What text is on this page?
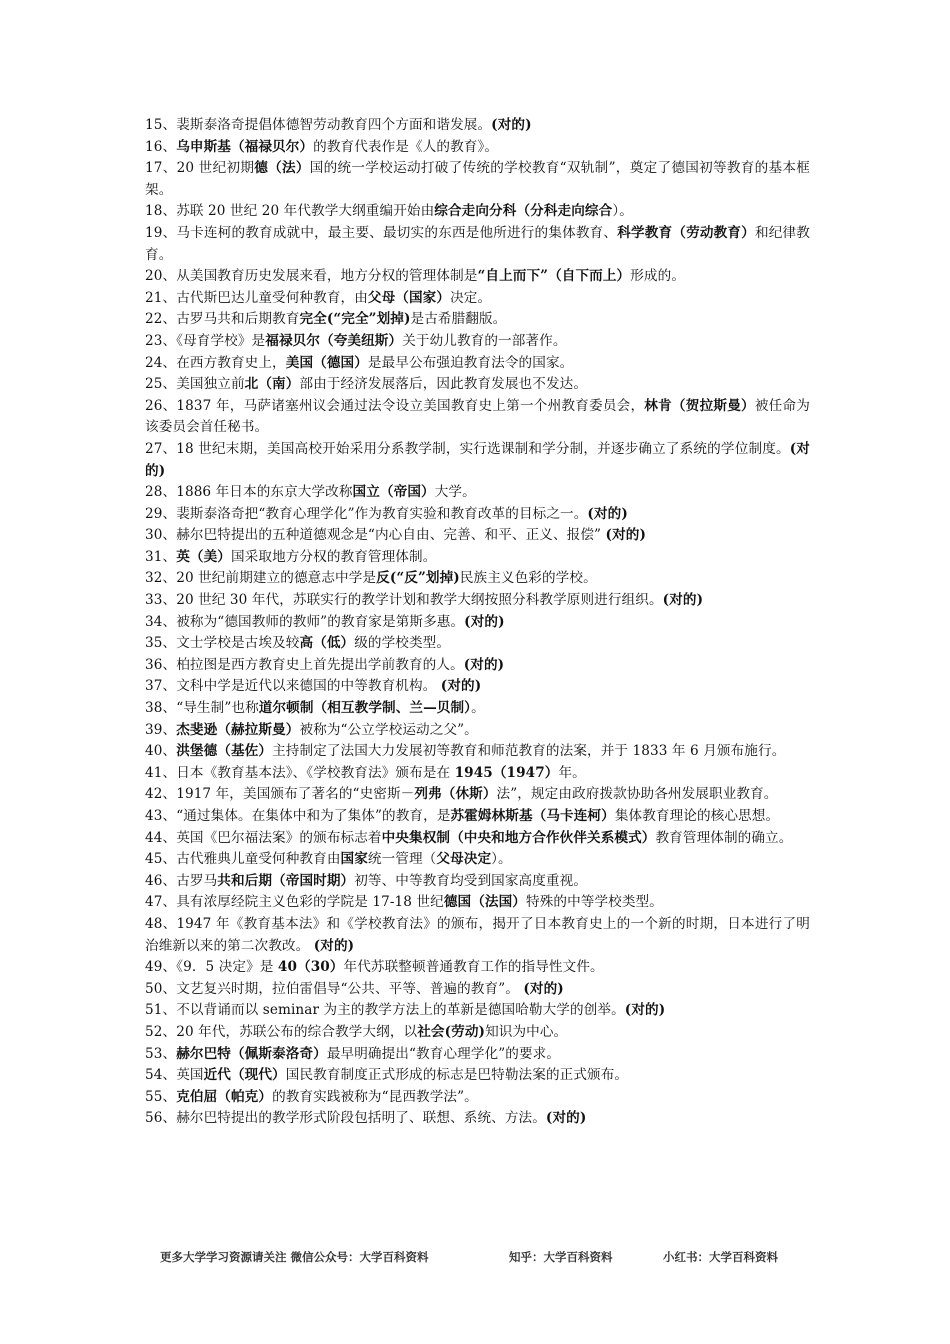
15、裴斯泰洛奇提倡体德智劳动教育四个方面和谐发展。(对的)

16、乌申斯基（福禄贝尔）的教育代表作是《人的教育》。

17、20 世纪初期德（法）国的统一学校运动打破了传统的学校教育“双轨制”，奠定了德国初等教育的基本框架。

18、苏联 20 世纪 20 年代教学大纲重编开始由综合走向分科（分科走向综合）。

19、马卡连柯的教育成就中，最主要、最切实的东西是他所进行的集体教育、科学教育（劳动教育）和纪律教育。

20、从美国教育历史发展来看，地方分权的管理体制是“自上而下”（自下而上）形成的。

21、古代斯巴达儿童受何种教育，由父母（国家）决定。

22、古罗马共和后期教育完全(“完全”划掉)是古希腊翻版。

23、《母育学校》是福禄贝尔（夸美纽斯）关于幼儿教育的一部著作。

24、在西方教育史上，美国（德国）是最早公布强迫教育法令的国家。

25、美国独立前北（南）部由于经济发展落后，因此教育发展也不发达。

26、1837 年，马萨诸塞州议会通过法令设立美国教育史上第一个州教育委员会，林肯（贺拉斯曼）被任命为该委员会首任秘书。

27、18 世纪末期，美国高校开始采用分系教学制，实行选课制和学分制，并逐步确立了系统的学位制度。(对的)

28、1886 年日本的东京大学改称国立（帝国）大学。

29、裴斯泰洛奇把“教育心理学化”作为教育实验和教育改革的目标之一。(对的)

30、赫尔巴特提出的五种道德观念是“内心自由、完善、和平、正义、报偿” (对的)

31、英（美）国采取地方分权的教育管理体制。

32、20 世纪前期建立的德意志中学是反(“反”划掉)民族主义色彩的学校。

33、20 世纪 30 年代，苏联实行的教学计划和教学大纲按照分科教学原则进行组织。(对的)

34、被称为“德国教师的教师”的教育家是第斯多惠。(对的)

35、文士学校是古埃及较高（低）级的学校类型。

36、柏拉图是西方教育史上首先提出学前教育的人。(对的)

37、文科中学是近代以来德国的中等教育机构。 (对的)

38、“导生制”也称道尔顿制（相互教学制、兰—贝制）。

39、杰斐逊（赫拉斯曼）被称为“公立学校运动之父”。

40、洪堡德（基佐）主持制定了法国大力发展初等教育和师范教育的法案，并于 1833 年 6 月颁布施行。

41、日本《教育基本法》、《学校教育法》颁布是在 1945（1947）年。

42、1917 年，美国颁布了著名的“史密斯－列弗（休斯）法”，规定由政府拨款协助各州发展职业教育。

43、“通过集体。在集体中和为了集体”的教育，是苏霍姆林斯基（马卡连柯）集体教育理论的核心思想。

44、英国《巴尔福法案》的颁布标志着中央集权制（中央和地方合作伙伴关系模式）教育管理体制的确立。

45、古代雅典儿童受何种教育由国家统一管理（父母决定）。

46、古罗马共和后期（帝国时期）初等、中等教育均受到国家高度重视。

47、具有浓厚经院主义色彩的学院是 17-18 世纪德国（法国）特殊的中等学校类型。

48、1947 年《教育基本法》和《学校教育法》的颁布，揭开了日本教育史上的一个新的时期，日本进行了明治维新以来的第二次教改。 (对的)

49、《9．5 决定》是 40（30）年代苏联整顿普通教育工作的指导性文件。

50、文艺复兴时期，拉伯雷倡导“公共、平等、普遍的教育”。 (对的)

51、不以背诵而以 seminar 为主的教学方法上的革新是德国哈勒大学的创举。(对的)

52、20 年代，苏联公布的综合教学大纲，以社会(劳动)知识为中心。

53、赫尔巴特（佩斯泰洛奇）最早明确提出“教育心理学化”的要求。

54、英国近代（现代）国民教育制度正式形成的标志是巴特勒法案的正式颁布。

55、克伯屈（帕克）的教育实践被称为“昆西教学法”。

56、赫尔巴特提出的教学形式阶段包括明了、联想、系统、方法。(对的)

更多大学学习资源请关注 微信公众号：大学百科资料	知乎：大学百科资料	小红书：大学百科资料
